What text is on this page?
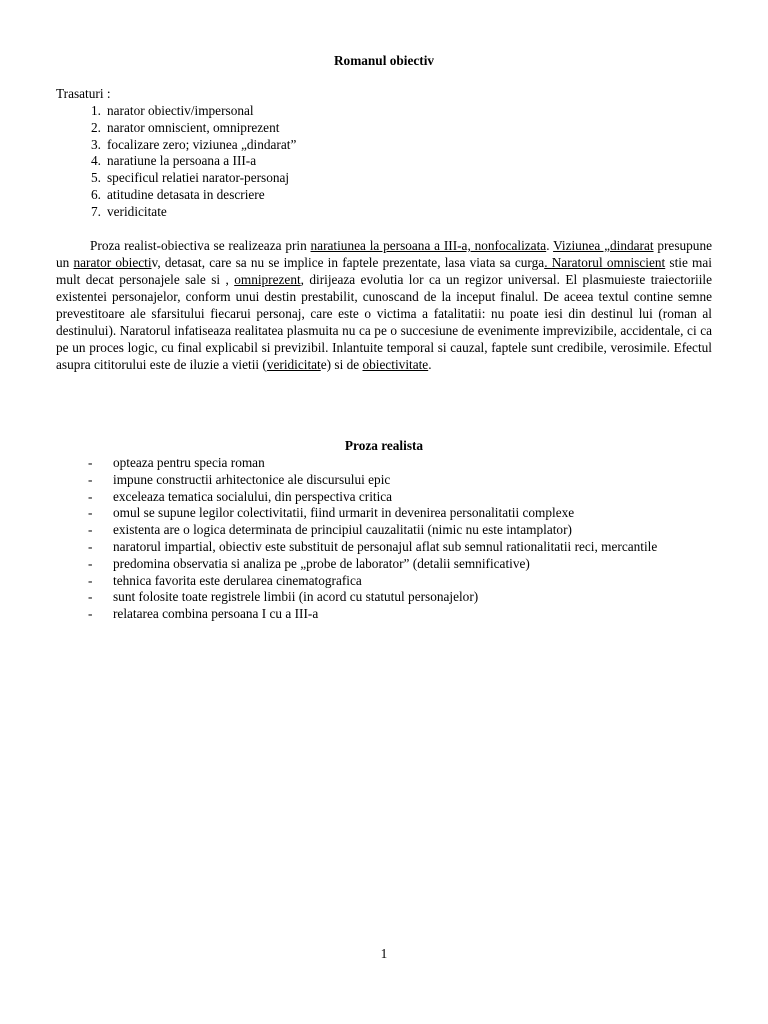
Romanul obiectiv
Trasaturi :
1. narator obiectiv/impersonal
2. narator omniscient, omniprezent
3. focalizare zero; viziunea „dindarat”
4. naratiune la persoana a III-a
5. specificul relatiei narator-personaj
6. atitudine detasata in descriere
7. veridicitate

Proza realist-obiectiva se realizeaza prin naratiunea la persoana a III-a, nonfocalizata. Viziunea „dindarat presupune un narator obiectiv, detasat, care sa nu se implice in faptele prezentate, lasa viata sa curga. Naratorul omniscient stie mai mult decat personajele sale si , omniprezent, dirijeaza evolutia lor ca un regizor universal. El plasmuieste traiectoriile existentei personajelor, conform unui destin prestabilit, cunoscand de la inceput finalul. De aceea textul contine semne prevestitoare ale sfarsitului fiecarui personaj, care este o victima a fatalitatii: nu poate iesi din destinul lui (roman al destinului). Naratorul infatiseaza realitatea plasmuita nu ca pe o succesiune de evenimente imprevizibile, accidentale, ci ca pe un proces logic, cu final explicabil si previzibil. Inlantuite temporal si cauzal, faptele sunt credibile, verosimile. Efectul asupra cititorului este de iluzie a vietii (veridicitate) si de obiectivitate.

Proza realista
- opteaza pentru specia roman
- impune constructii arhitectonice ale discursului epic
- exceleaza tematica socialului, din perspectiva critica
- omul se supune legilor colectivitatii, fiind urmarit in devenirea personalitatii complexe
- existenta are o logica determinata de principiul cauzalitatii (nimic nu este intamplator)
- naratorul impartial, obiectiv este substituit de personajul aflat sub semnul rationalitatii reci, mercantile
- predomina observatia si analiza pe „probe de laborator” (detalii semnificative)
- tehnica favorita este derularea cinematografica
- sunt folosite toate registrele limbii (in acord cu statutul personajelor)
- relatarea combina persoana I cu a III-a
1
